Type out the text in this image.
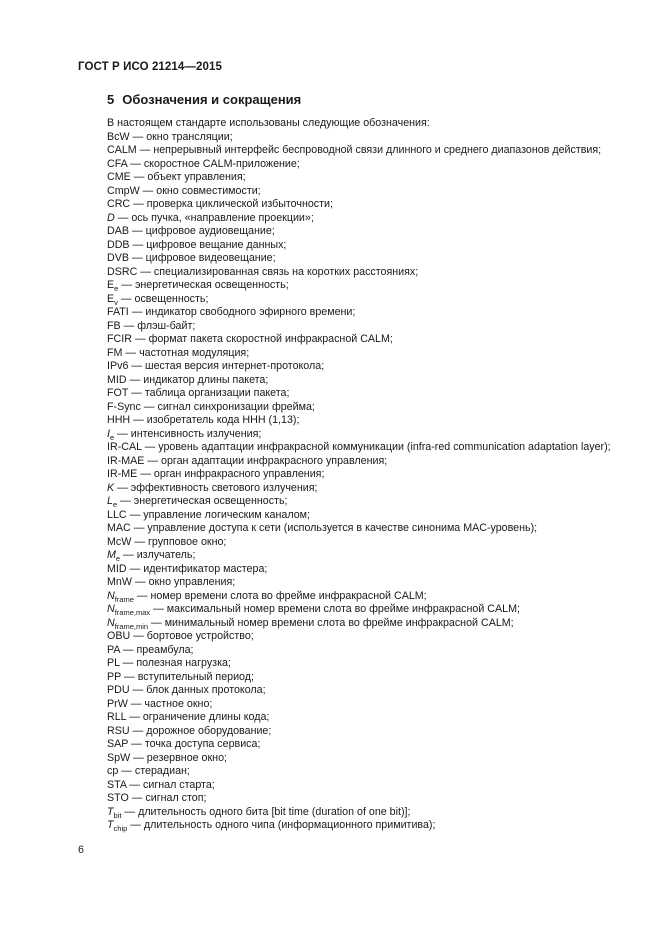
ГОСТ Р ИСО 21214—2015
5 Обозначения и сокращения
В настоящем стандарте использованы следующие обозначения:
BcW — окно трансляции;
CALM — непрерывный интерфейс беспроводной связи длинного и среднего диапазонов действия;
CFA — скоростное CALM-приложение;
CME — объект управления;
CmpW — окно совместимости;
CRC — проверка циклической избыточности;
D — ось пучка, «направление проекции»;
DAB — цифровое аудиовещание;
DDB — цифровое вещание данных;
DVB — цифровое видеовещание;
DSRC — специализированная связь на коротких расстояниях;
$E_e$ — энергетическая освещенность;
$E_v$ — освещенность;
FATI — индикатор свободного эфирного времени;
FB — флэш-байт;
FCIR — формат пакета скоростной инфракрасной CALM;
FM — частотная модуляция;
IPv6 — шестая версия интернет-протокола;
MID — индикатор длины пакета;
FOT — таблица организации пакета;
F-Sync — сигнал синхронизации фрейма;
HHH — изобретатель кода HHH (1,13);
$I_e$ — интенсивность излучения;
IR-CAL — уровень адаптации инфракрасной коммуникации (infra-red communication adaptation layer);
IR-MAE — орган адаптации инфракрасного управления;
IR-ME — орган инфракрасного управления;
K — эффективность светового излучения;
$L_e$ — энергетическая освещенность;
LLC — управление логическим каналом;
MAC — управление доступа к сети (используется в качестве синонима MAC-уровень);
McW — групповое окно;
$M_e$ — излучатель;
MID — идентификатор мастера;
MnW — окно управления;
$N_{frame}$ — номер времени слота во фрейме инфракрасной CALM;
$N_{frame,max}$ — максимальный номер времени слота во фрейме инфракрасной CALM;
$N_{frame,min}$ — минимальный номер времени слота во фрейме инфракрасной CALM;
OBU — бортовое устройство;
PA — преамбула;
PL — полезная нагрузка;
PP — вступительный период;
PDU — блок данных протокола;
PrW — частное окно;
RLL — ограничение длины кода;
RSU — дорожное оборудование;
SAP — точка доступа сервиса;
SpW — резервное окно;
ср — стерадиан;
STA — сигнал старта;
STO — сигнал стоп;
$T_{bit}$ — длительность одного бита [bit time (duration of one bit)];
$T_{chip}$ — длительность одного чипа (информационного примитива);
6
